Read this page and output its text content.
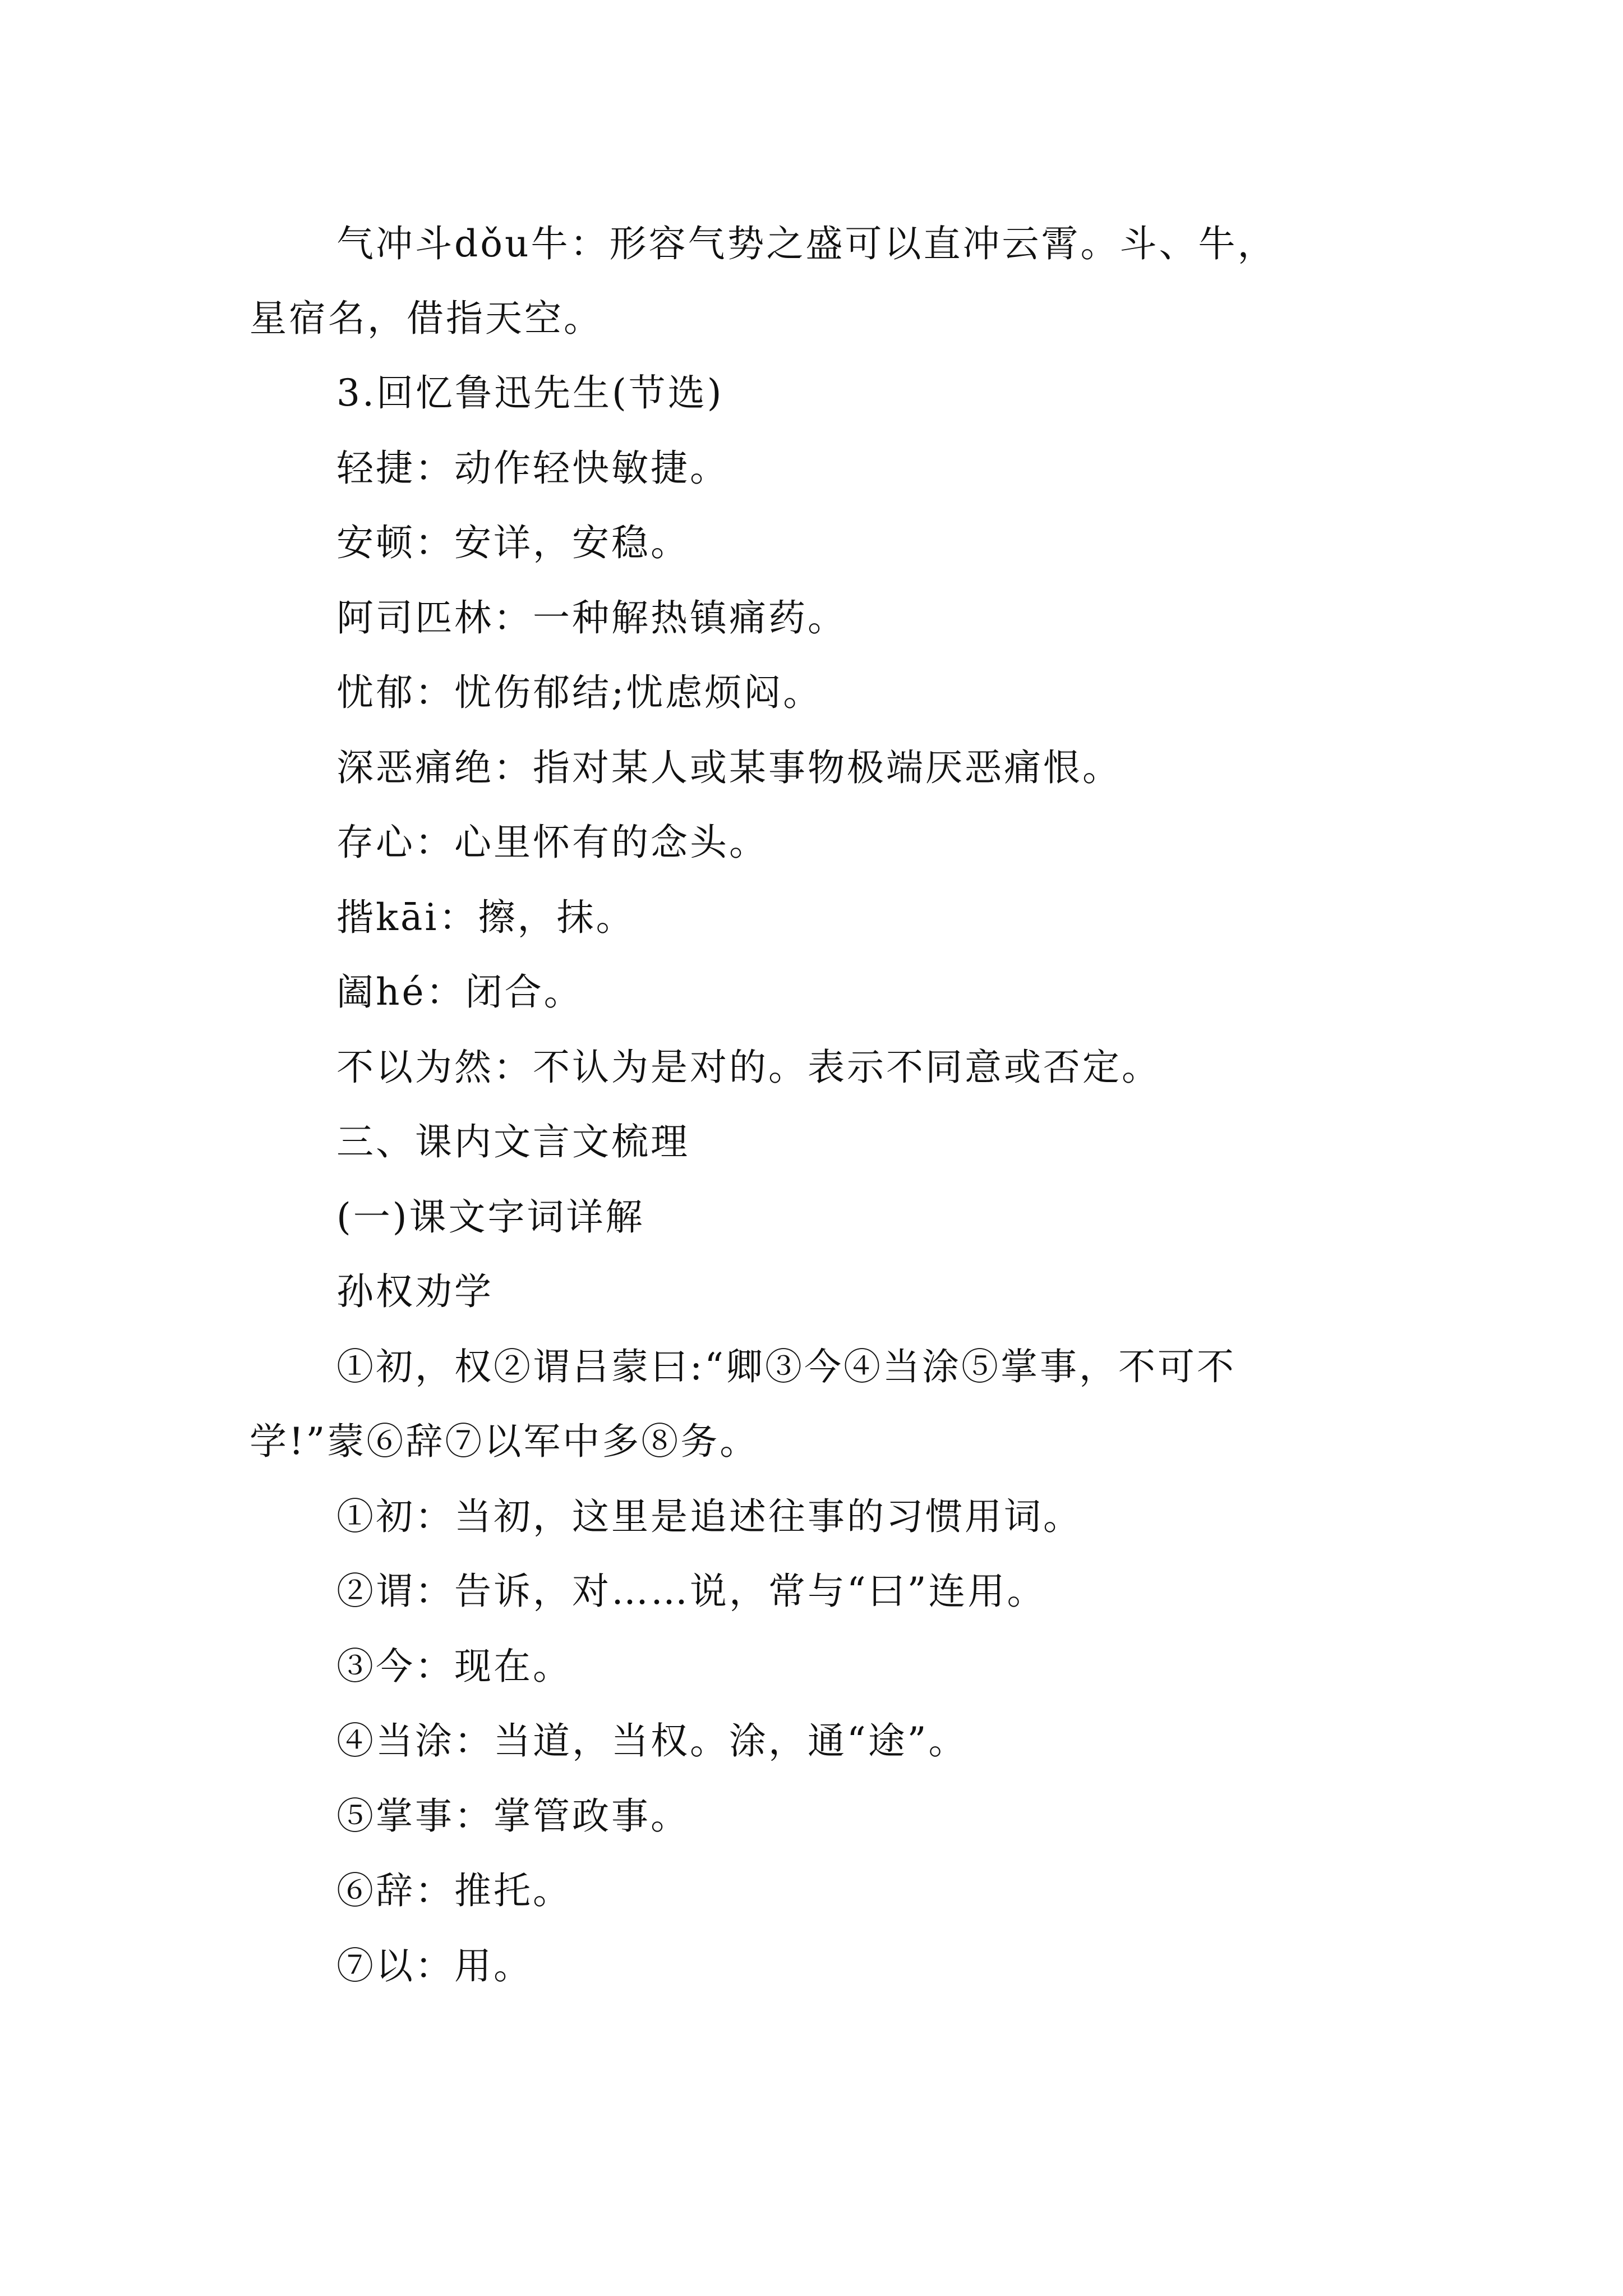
气冲斗dǒu牛：形容气势之盛可以直冲云霄。斗、牛，
星宿名，借指天空。
3.回忆鲁迅先生(节选)
轻捷：动作轻快敏捷。
安顿：安详，安稳。
阿司匹林：一种解热镇痛药。
忧郁：忧伤郁结;忧虑烦闷。
深恶痛绝：指对某人或某事物极端厌恶痛恨。
存心：心里怀有的念头。
揩kāi：擦，抹。
阖hé：闭合。
不以为然：不认为是对的。表示不同意或否定。
三、课内文言文梳理
(一)课文字词详解
孙权劝学
①初，权②谓吕蒙曰:“卿③今④当涂⑤掌事，不可不
学!”蒙⑥辞⑦以军中多⑧务。
①初：当初，这里是追述往事的习惯用词。
②谓：告诉，对……说，常与“曰”连用。
③今：现在。
④当涂：当道，当权。涂，通“途”。
⑤掌事：掌管政事。
⑥辞：推托。
⑦以：用。
